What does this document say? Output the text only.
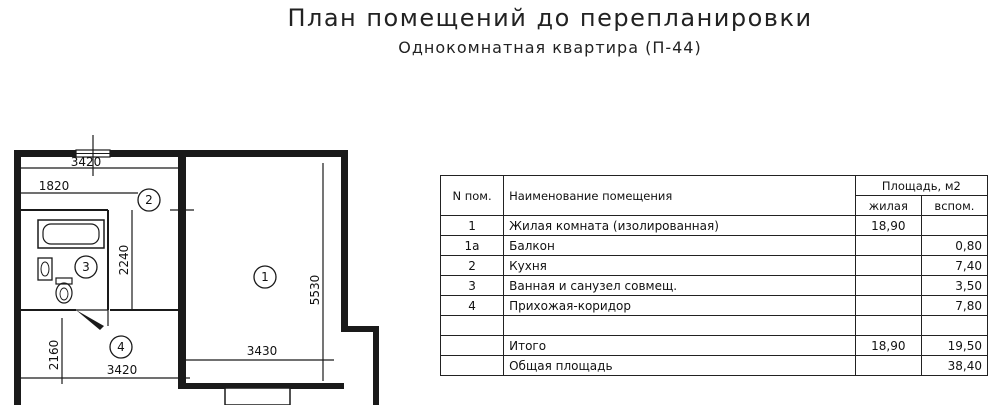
План помещений до перепланировки
Однокомнатная квартира (П-44)
3420
1820
2240
5530
3430
2160	3420
1
2
3
4
N пом.	Наименование помещения	Площадь, м2	
		жилая	вспом.
1	Жилая комната (изолированная)	18,90	
1a	Балкон		0,80
2	Кухня		7,40
3	Ванная и санузел совмещ.		3,50
4	Прихожая-коридор		7,80

	Итого	18,90	19,50
	Общая площадь		38,40
